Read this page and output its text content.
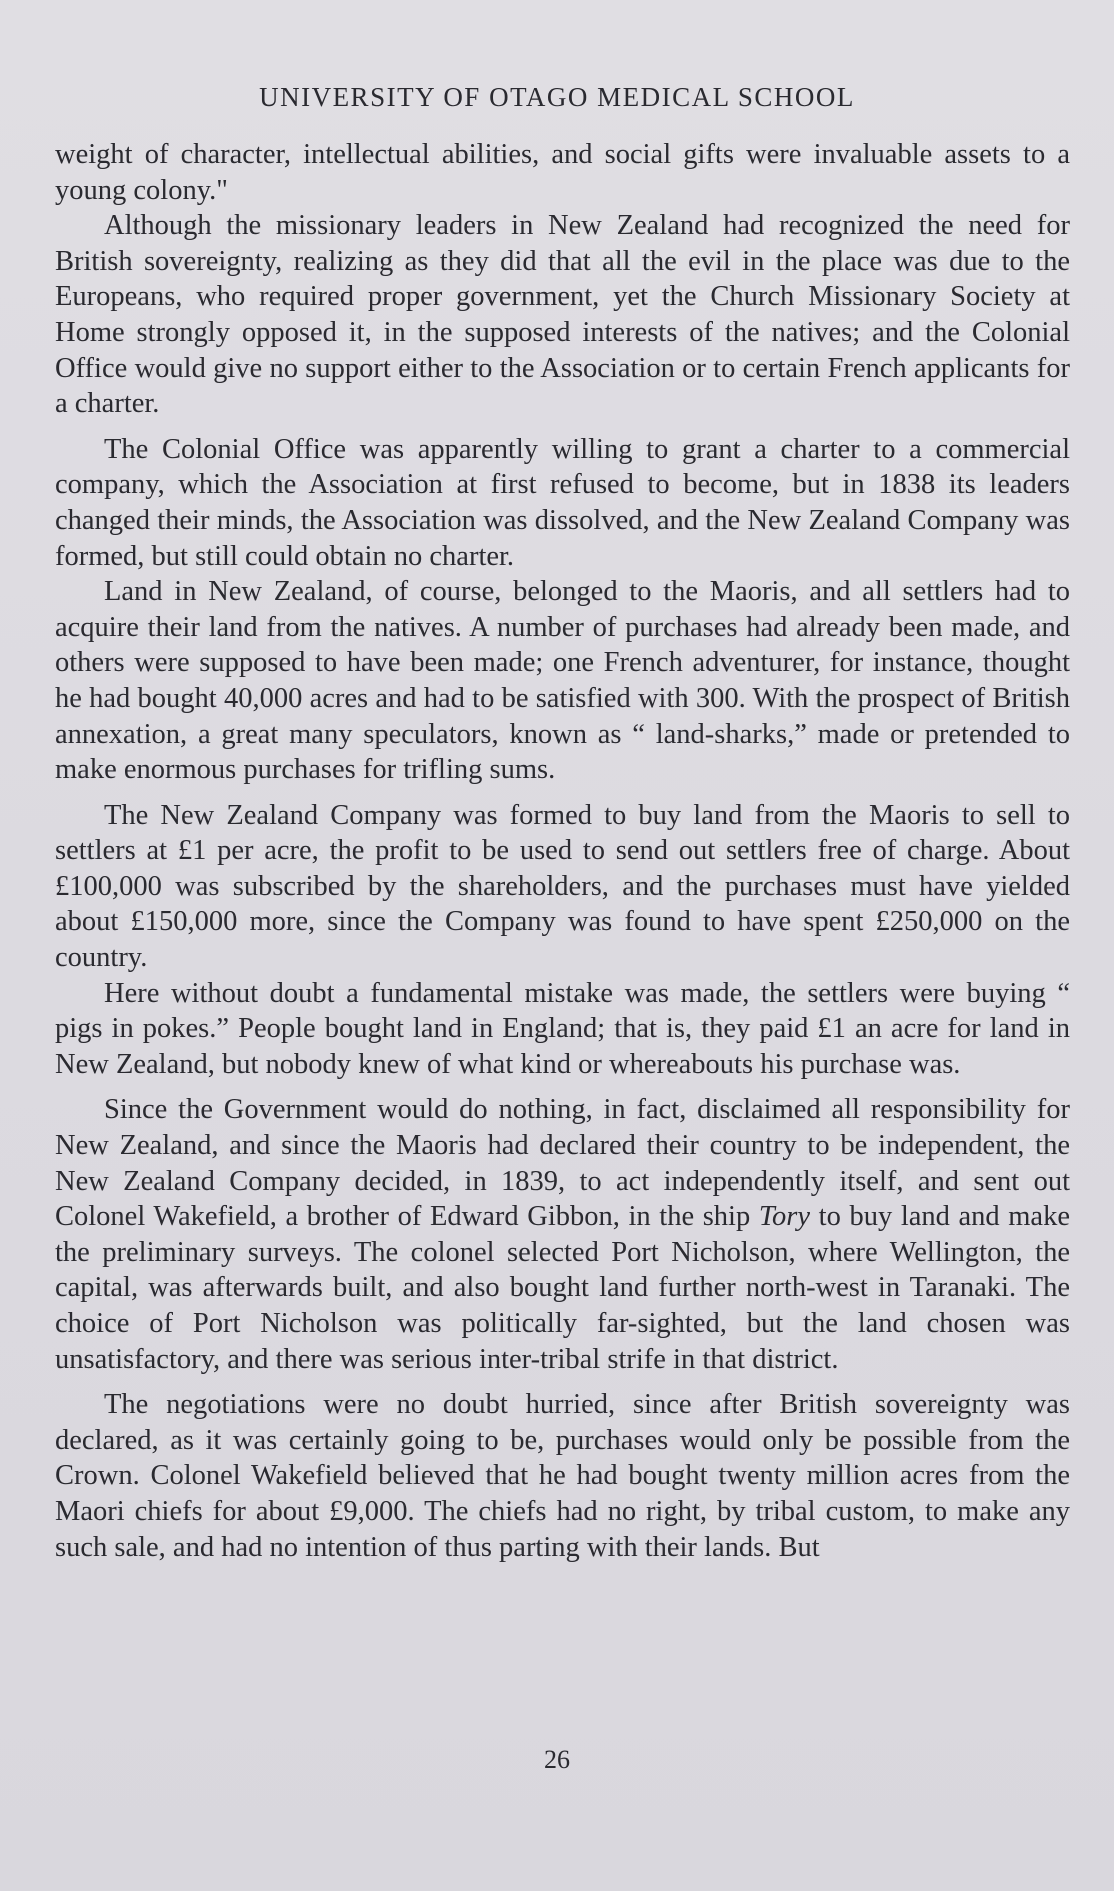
UNIVERSITY OF OTAGO MEDICAL SCHOOL

weight of character, intellectual abilities, and social gifts were invaluable assets to a young colony."

Although the missionary leaders in New Zealand had recognized the need for British sovereignty, realizing as they did that all the evil in the place was due to the Europeans, who required proper government, yet the Church Missionary Society at Home strongly opposed it, in the supposed interests of the natives; and the Colonial Office would give no support either to the Association or to certain French applicants for a charter.

The Colonial Office was apparently willing to grant a charter to a commercial company, which the Association at first refused to become, but in 1838 its leaders changed their minds, the Association was dissolved, and the New Zealand Company was formed, but still could obtain no charter.

Land in New Zealand, of course, belonged to the Maoris, and all settlers had to acquire their land from the natives. A number of purchases had already been made, and others were supposed to have been made; one French adventurer, for instance, thought he had bought 40,000 acres and had to be satisfied with 300. With the prospect of British annexation, a great many speculators, known as “ land-sharks,” made or pretended to make enormous purchases for trifling sums.

The New Zealand Company was formed to buy land from the Maoris to sell to settlers at £1 per acre, the profit to be used to send out settlers free of charge. About £100,000 was subscribed by the shareholders, and the purchases must have yielded about £150,000 more, since the Company was found to have spent £250,000 on the country.

Here without doubt a fundamental mistake was made, the settlers were buying “ pigs in pokes.” People bought land in England; that is, they paid £1 an acre for land in New Zealand, but nobody knew of what kind or whereabouts his purchase was.

Since the Government would do nothing, in fact, disclaimed all responsibility for New Zealand, and since the Maoris had declared their country to be independent, the New Zealand Company decided, in 1839, to act independently itself, and sent out Colonel Wakefield, a brother of Edward Gibbon, in the ship Tory to buy land and make the preliminary surveys. The colonel selected Port Nicholson, where Wellington, the capital, was afterwards built, and also bought land further north-west in Taranaki. The choice of Port Nicholson was politically far-sighted, but the land chosen was unsatisfactory, and there was serious inter-tribal strife in that district.

The negotiations were no doubt hurried, since after British sovereignty was declared, as it was certainly going to be, purchases would only be possible from the Crown. Colonel Wakefield believed that he had bought twenty million acres from the Maori chiefs for about £9,000. The chiefs had no right, by tribal custom, to make any such sale, and had no intention of thus parting with their lands. But

26
